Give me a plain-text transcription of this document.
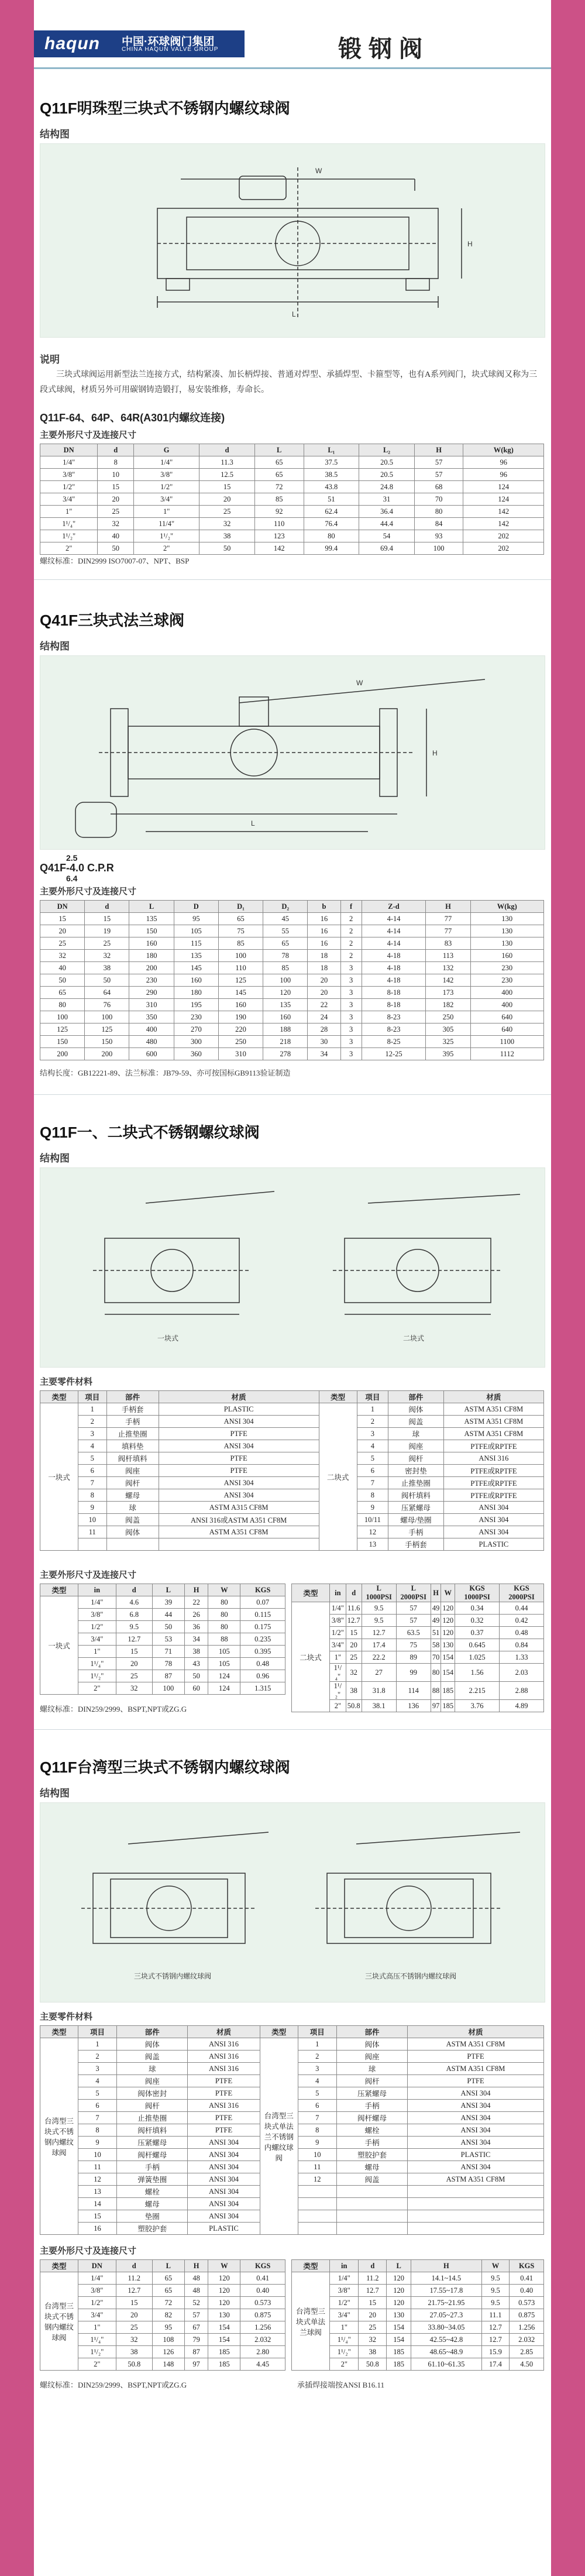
haqun 中国·环球阀门集团
CHINA HAQUN VALVE GROUP	锻钢阀
Q11F明珠型三块式不锈钢内螺纹球阀
结构图
W
H
L
说明
三块式球阀运用新型法兰连接方式，结构紧凑、加长柄焊接、普通对焊型、承插焊型、卡箍型等，也有A系列阀门，块式球阀又称为三段式球阀，材质另外可用碳钢铸造锻打，易安装维修，寿命长。
Q11F-64、64P、64R(A301内螺纹连接)
主要外形尺寸及连接尺寸
DN	d	G	d	L	L₁	L₂	H	W(kg)
1/4"	8	1/4"	11.3	65	37.5	20.5	57	96
3/8"	10	3/8"	12.5	65	38.5	20.5	57	96
1/2"	15	1/2"	15	72	43.8	24.8	68	124
3/4"	20	3/4"	20	85	51	31	70	124
1"	25	1"	25	92	62.4	36.4	80	142
1¹/₄"	32	11/4"	32	110	76.4	44.4	84	142
1¹/₂"	40	1¹/₂"	38	123	80	54	93	202
2"	50	2"	50	142	99.4	69.4	100	202
螺纹标准：DIN2999 ISO7007-07、NPT、BSP
Q41F三块式法兰球阀
结构图
L
H
W
2.5
Q41F-4.0 C.P.R
6.4
主要外形尺寸及连接尺寸
DN	d	L	D	D₁	D₂	b	f	Z-d	H	W(kg)
15	15	135	95	65	45	16	2	4-14	77	130
20	19	150	105	75	55	16	2	4-14	77	130
25	25	160	115	85	65	16	2	4-14	83	130
32	32	180	135	100	78	18	2	4-18	113	160
40	38	200	145	110	85	18	3	4-18	132	230
50	50	230	160	125	100	20	3	4-18	142	230
65	64	290	180	145	120	20	3	8-18	173	400
80	76	310	195	160	135	22	3	8-18	182	400
100	100	350	230	190	160	24	3	8-23	250	640
125	125	400	270	220	188	28	3	8-23	305	640
150	150	480	300	250	218	30	3	8-25	325	1100
200	200	600	360	310	278	34	3	12-25	395	1112
结构长度：GB12221-89、法兰标准：JB79-59、亦可按国标GB9113验证制造
Q11F一、二块式不锈钢螺纹球阀
结构图
一块式	二块式
主要零件材料
类型	项目	部件	材质	类型	项目	部件	材质
一块式	1	手柄套	PLASTIC	二块式	1	阀体	ASTM A351 CF8M
	2	手柄	ANSI 304		2	阀盖	ASTM A351 CF8M
	3	止推垫圈	PTFE		3	球	ASTM A351 CF8M
	4	填料垫	ANSI 304		4	阀座	PTFE或RPTFE
	5	阀杆填料	PTFE		5	阀杆	ANSI 316
	6	阀座	PTFE		6	密封垫	PTFE或RPTFE
	7	阀杆	ANSI 304		7	止推垫圈	PTFE或RPTFE
	8	螺母	ANSI 304		8	阀杆填料	PTFE或RPTFE
	9	球	ASTM A315 CF8M		9	压紧螺母	ANSI 304
	10	阀盖	ANSI 316或ASTM A351 CF8M		10/11	螺母/垫圈	ANSI 304
	11	阀体	ASTM A351 CF8M		12	手柄	ANSI 304
					13	手柄套	PLASTIC
主要外形尺寸及连接尺寸
类型	in	d	L	H	W	KGS
一块式	1/4"	4.6	39	22	80	0.07
	3/8"	6.8	44	26	80	0.115
	1/2"	9.5	50	36	80	0.175
	3/4"	12.7	53	34	88	0.235
	1"	15	71	38	105	0.395
	1¹/₄"	20	78	43	105	0.48
	1¹/₂"	25	87	50	124	0.96
	2"	32	100	60	124	1.315
类型	in	d	L 1000PSI	L 2000PSI	H	W	KGS 1000PSI	KGS 2000PSI
二块式	1/4"	11.6	9.5	57	49	120	0.34	0.44
	3/8"	12.7	9.5	57	49	120	0.32	0.42
	1/2"	15	12.7	63.5	51	120	0.37	0.48
	3/4"	20	17.4	75	58	130	0.645	0.84
	1"	25	22.2	89	70	154	1.025	1.33
	1¹/₄"	32	27	99	80	154	1.56	2.03
	1¹/₂"	38	31.8	114	88	185	2.215	2.88
	2"	50.8	38.1	136	97	185	3.76	4.89
螺纹标准：DIN259/2999、BSPT,NPT或ZG.G
Q11F台湾型三块式不锈钢内螺纹球阀
结构图
三块式不锈钢内螺纹球阀	三块式高压不锈钢内螺纹球阀
主要零件材料
类型	项目	部件	材质	类型	项目	部件	材质
台湾型三块式不锈钢内螺纹球阀	1	阀体	ANSI 316	台湾型三块式单法兰不锈钢内螺纹球阀	1	阀体	ASTM A351 CF8M
	2	阀盖	ANSI 316		2	阀座	PTFE
	3	球	ANSI 316		3	球	ASTM A351 CF8M
	4	阀座	PTFE		4	阀杆	PTFE
	5	阀体密封	PTFE		5	压紧螺母	ANSI 304
	6	阀杆	ANSI 316		6	手柄	ANSI 304
	7	止推垫圈	PTFE		7	阀杆螺母	ANSI 304
	8	阀杆填料	PTFE		8	螺栓	ANSI 304
	9	压紧螺母	ANSI 304		9	手柄	ANSI 304
	10	阀杆螺母	ANSI 304		10	塑胶护套	PLASTIC
	11	手柄	ANSI 304		11	螺母	ANSI 304
	12	弹簧垫圈	ANSI 304		12	阀盖	ASTM A351 CF8M
	13	螺栓	ANSI 304				
	14	螺母	ANSI 304				
	15	垫圈	ANSI 304				
	16	塑胶护套	PLASTIC				
主要外形尺寸及连接尺寸
类型	DN	d	L	H	W	KGS
台湾型三块式不锈钢内螺纹球阀	1/4"	11.2	65	48	120	0.41
	3/8"	12.7	65	48	120	0.40
	1/2"	15	72	52	120	0.573
	3/4"	20	82	57	130	0.875
	1"	25	95	67	154	1.256
	1¹/₄"	32	108	79	154	2.032
	1¹/₂"	38	126	87	185	2.80
	2"	50.8	148	97	185	4.45
类型	in	d	L	H	W	KGS
台湾型三块式单法兰球阀	1/4"	11.2	120	14.1~14.5	9.5	0.41
	3/8"	12.7	120	17.55~17.8	9.5	0.40
	1/2"	15	120	21.75~21.95	9.5	0.573
	3/4"	20	130	27.05~27.3	11.1	0.875
	1"	25	154	33.80~34.05	12.7	1.256
	1¹/₄"	32	154	42.55~42.8	12.7	2.032
	1¹/₂"	38	185	48.65~48.9	15.9	2.85
	2"	50.8	185	61.10~61.35	17.4	4.50
螺纹标准：DIN259/2999、BSPT,NPT或ZG.G	承插焊接端按ANSI B16.11
